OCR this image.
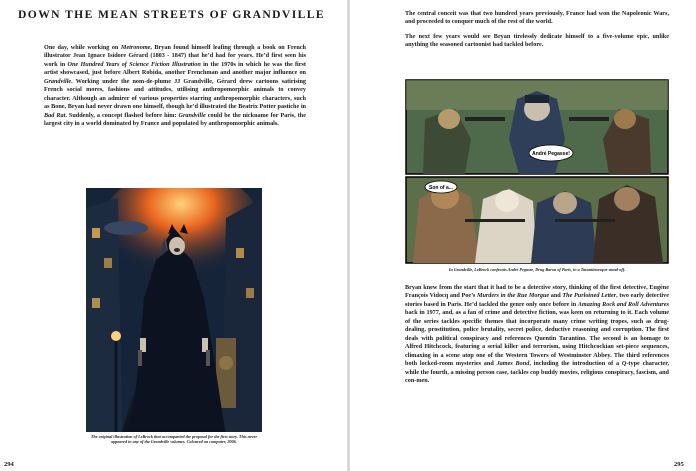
DOWN THE MEAN STREETS OF GRANDVILLE

One day, while working on Metronome, Bryan found himself leafing through a book on French illustrator Jean Ignace Isidore Gérard (1803 - 1847) that he’d had for years. He’d first seen his work in One Hundred Years of Science Fiction Illustration in the 1970s in which he was the first artist showcased, just before Albert Robida, another Frenchman and another major influence on Grandville. Working under the nom-de-plume JJ Grandville, Gérard drew cartoons satirising French social mores, fashions and attitudes, utilising anthropomorphic animals to convey character. Although an admirer of various properties starring anthropomorphic characters, such as Bone, Bryan had never drawn one himself, though he’d illustrated the Beatrix Potter pastiche in Bad Rat. Suddenly, a concept flashed before him: Grandville could be the nickname for Paris, the largest city in a world dominated by France and populated by anthropomorphic animals.

The original illustration of LeBrock that accompanied the proposal for the first story. This never appeared in any of the Grandville volumes. Coloured on computer, 2006.

294

The central conceit was that two hundred years previously, France had won the Napoleonic Wars, and proceeded to conquer much of the rest of the world.

The next few years would see Bryan tirelessly dedicate himself to a five-volume epic, unlike anything the seasoned cartoonist had tackled before.

André Pegasse!
Son of a...

In Grandville, LeBrock confronts André Pegasse, Drug Baron of Paris, in a Tarantinoesque stand-off.

Bryan knew from the start that it had to be a detective story, thinking of the first detective, Eugène François Vidocq and Poe’s Murders in the Rue Morgue and The Purloined Letter, two early detective stories based in Paris. He’d tackled the genre only once before in Amazing Rock and Roll Adventures back in 1977, and, as a fan of crime and detective fiction, was keen on returning to it. Each volume of the series tackles specific themes that incorporate many crime writing tropes, such as drug-dealing, prostitution, police brutality, secret police, deductive reasoning and corruption. The first deals with political conspiracy and references Quentin Tarantino. The second is an homage to Alfred Hitchcock, featuring a serial killer and terrorism, using Hitchcockian set-piece sequences, climaxing in a scene atop one of the Western Towers of Westminster Abbey. The third references both locked-room mysteries and James Bond, including the introduction of a Q-type character, while the fourth, a missing person case, tackles cop buddy movies, religious conspiracy, fascism, and con-men.

295
